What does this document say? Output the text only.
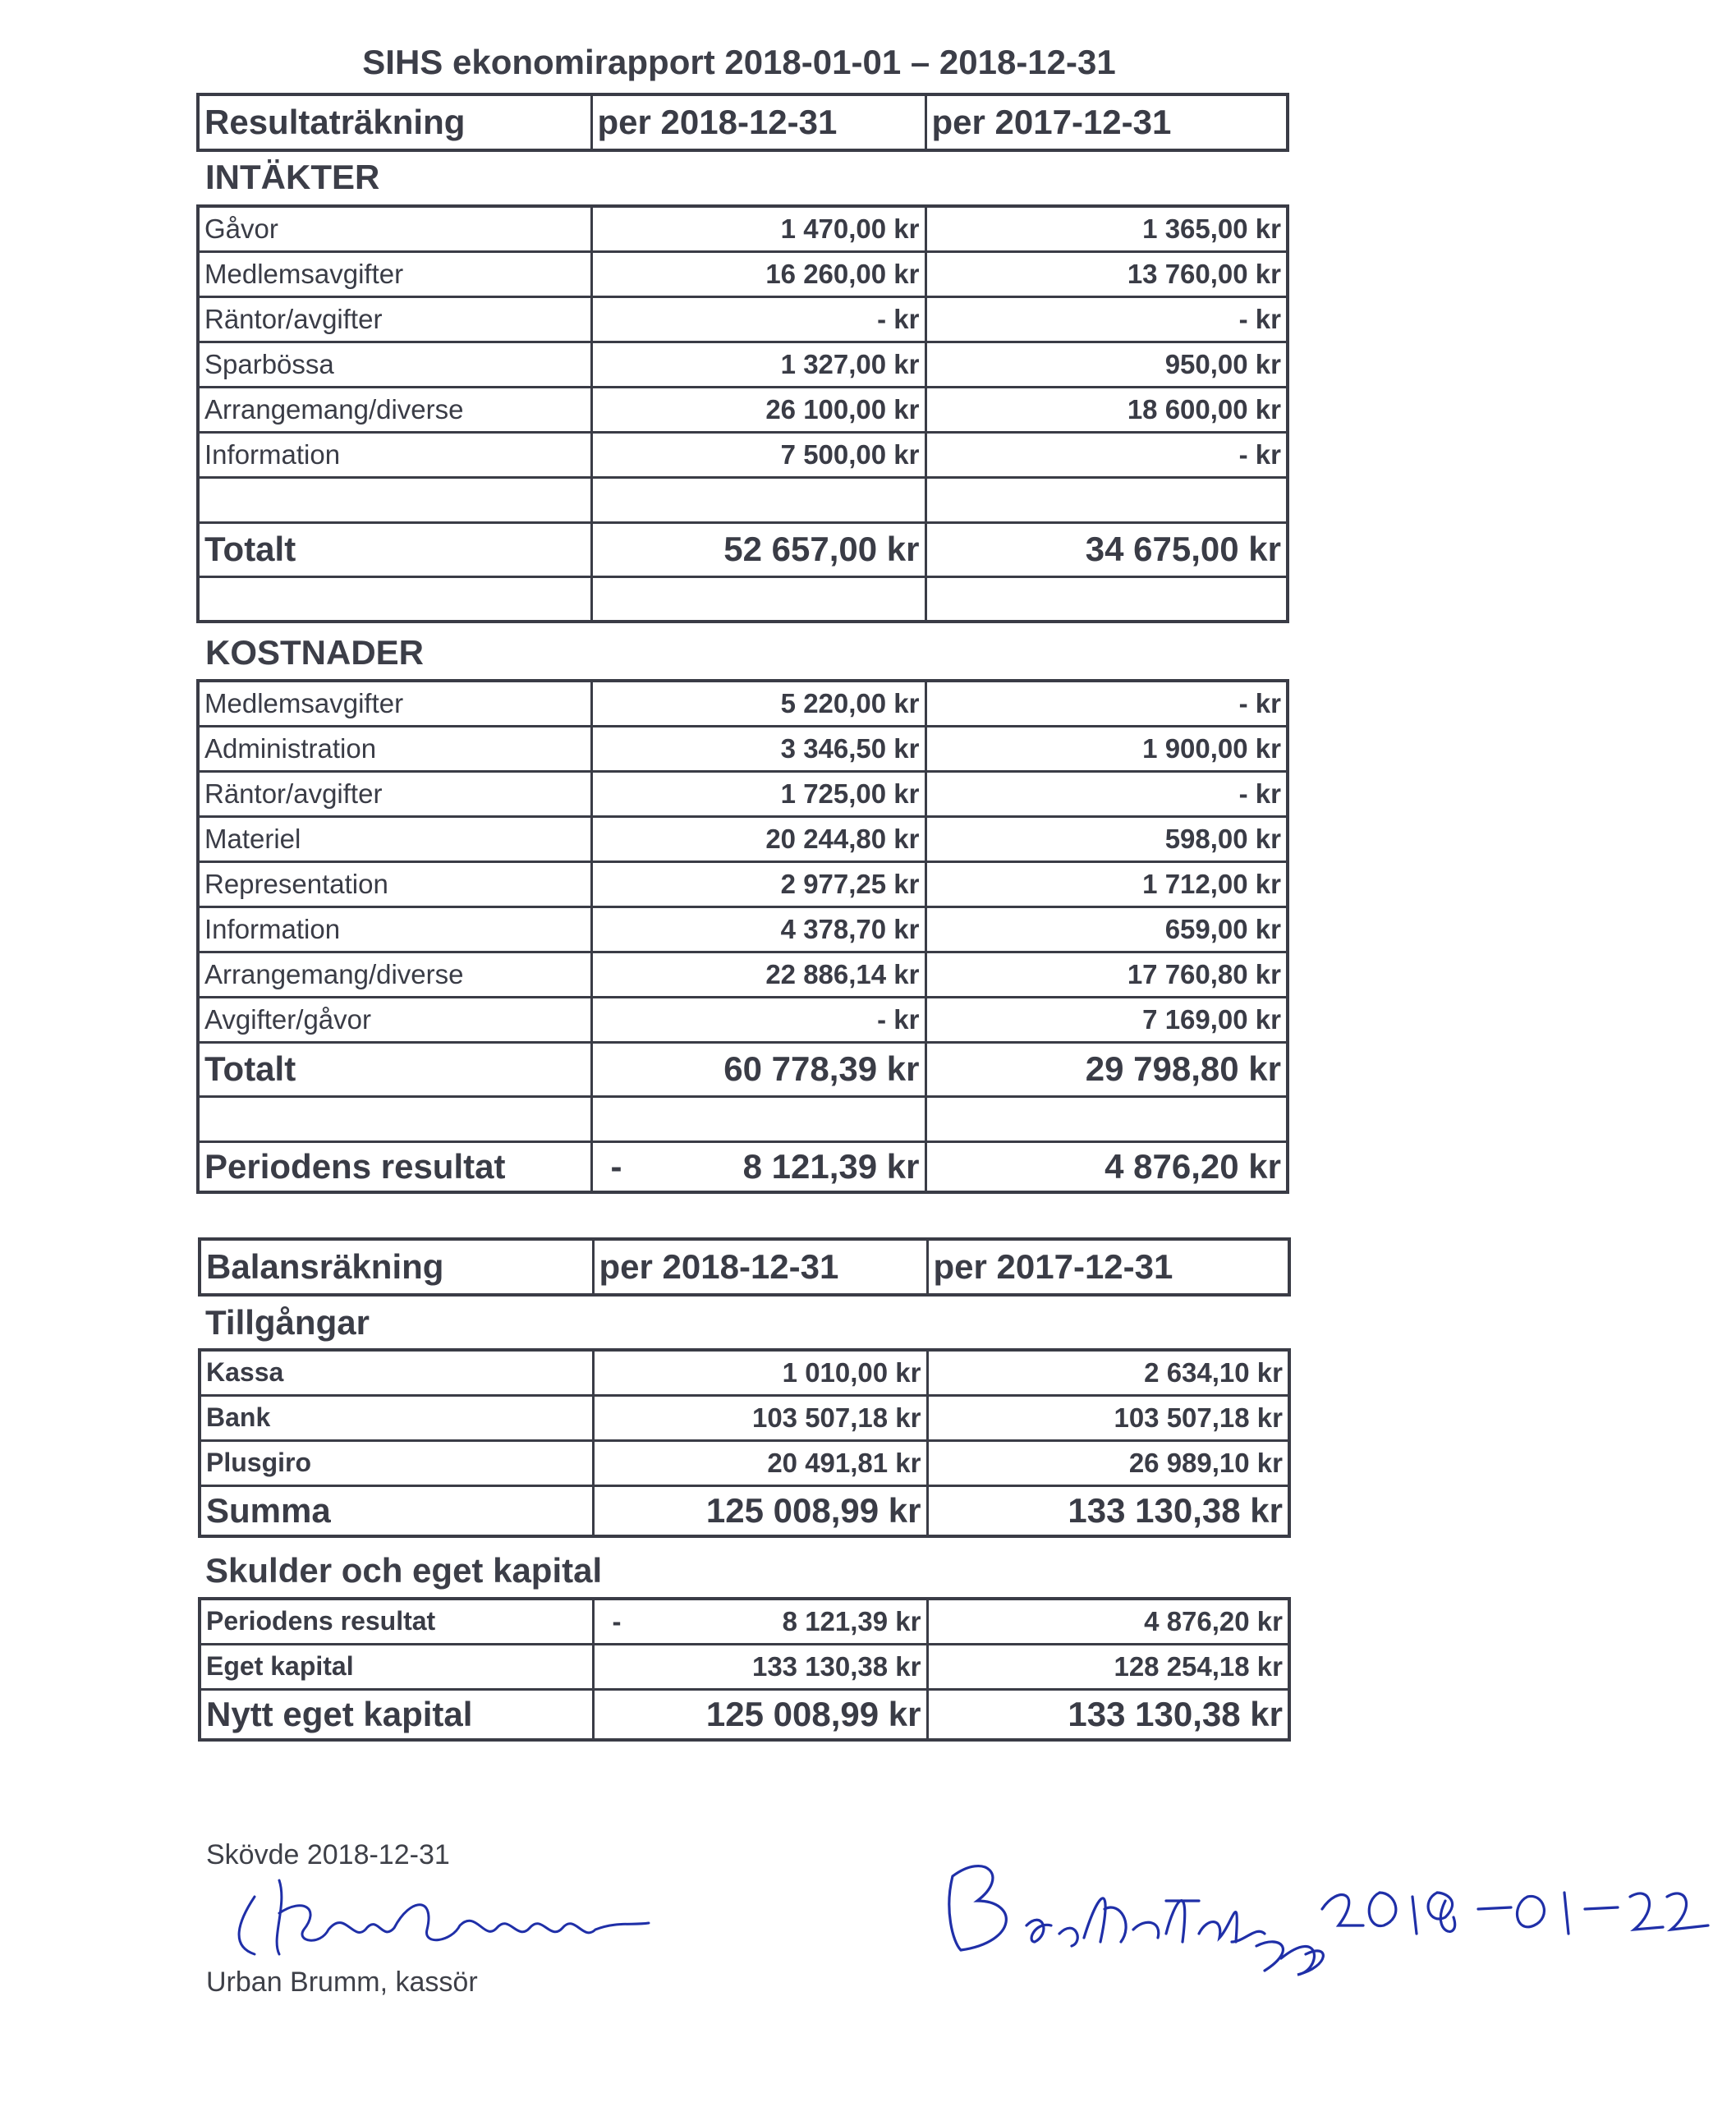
SIHS ekonomirapport 2018-01-01 – 2018-12-31
Resultaträkning	per 2018-12-31	per 2017-12-31
INTÄKTER
Gåvor	1 470,00 kr	1 365,00 kr
Medlemsavgifter	16 260,00 kr	13 760,00 kr
Räntor/avgifter	- kr	- kr
Sparbössa	1 327,00 kr	950,00 kr
Arrangemang/diverse	26 100,00 kr	18 600,00 kr
Information	7 500,00 kr	- kr

Totalt	52 657,00 kr	34 675,00 kr

KOSTNADER
Medlemsavgifter	5 220,00 kr	- kr
Administration	3 346,50 kr	1 900,00 kr
Räntor/avgifter	1 725,00 kr	- kr
Materiel	20 244,80 kr	598,00 kr
Representation	2 977,25 kr	1 712,00 kr
Information	4 378,70 kr	659,00 kr
Arrangemang/diverse	22 886,14 kr	17 760,80 kr
Avgifter/gåvor	- kr	7 169,00 kr
Totalt	60 778,39 kr	29 798,80 kr

Periodens resultat	- 8 121,39 kr	4 876,20 kr
Balansräkning	per 2018-12-31	per 2017-12-31
Tillgångar
Kassa	1 010,00 kr	2 634,10 kr
Bank	103 507,18 kr	103 507,18 kr
Plusgiro	20 491,81 kr	26 989,10 kr
Summa	125 008,99 kr	133 130,38 kr
Skulder och eget kapital
Periodens resultat	- 8 121,39 kr	4 876,20 kr
Eget kapital	133 130,38 kr	128 254,18 kr
Nytt eget kapital	125 008,99 kr	133 130,38 kr
Skövde 2018-12-31
Urban Brumm, kassör
